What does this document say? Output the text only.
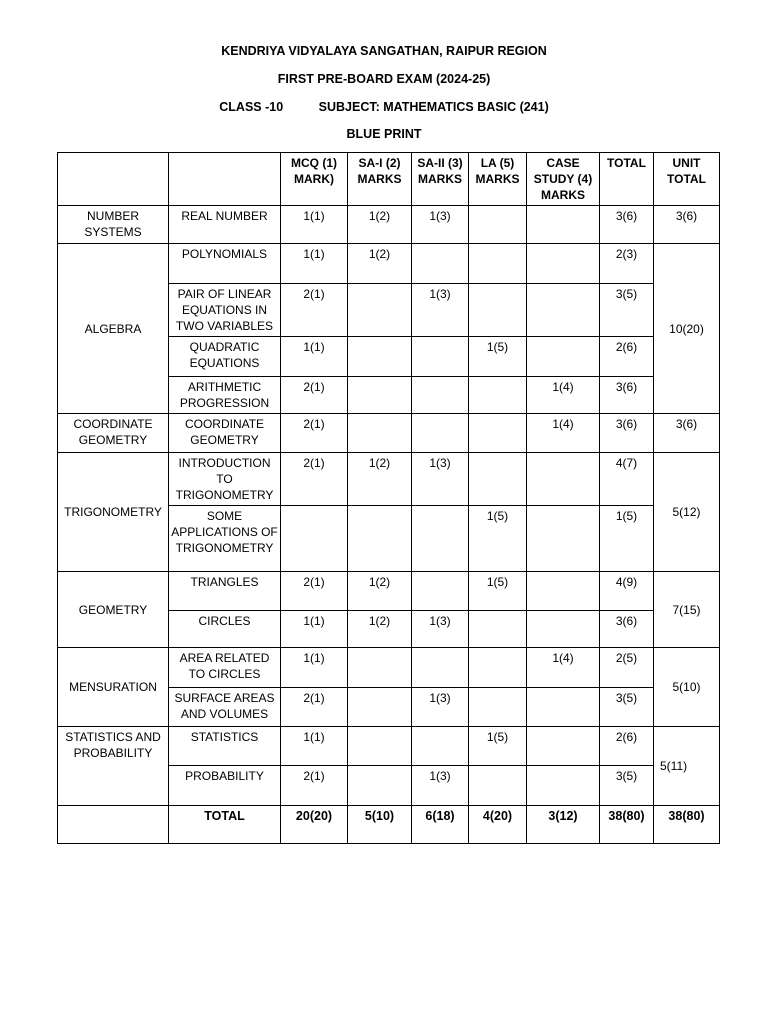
KENDRIYA VIDYALAYA SANGATHAN, RAIPUR REGION
FIRST PRE-BOARD EXAM (2024-25)
CLASS -10	SUBJECT: MATHEMATICS BASIC (241)
BLUE PRINT
		MCQ (1) MARK)	SA-I (2) MARKS	SA-II (3) MARKS	LA (5) MARKS	CASE STUDY (4) MARKS	TOTAL	UNIT TOTAL
NUMBER SYSTEMS	REAL NUMBER	1(1)	1(2)	1(3)			3(6)	3(6)
ALGEBRA	POLYNOMIALS	1(1)	1(2)				2(3)	10(20)
	PAIR OF LINEAR EQUATIONS IN TWO VARIABLES	2(1)		1(3)			3(5)	
	QUADRATIC EQUATIONS	1(1)			1(5)		2(6)	
	ARITHMETIC PROGRESSION	2(1)				1(4)	3(6)	
COORDINATE GEOMETRY	COORDINATE GEOMETRY	2(1)				1(4)	3(6)	3(6)
TRIGONOMETRY	INTRODUCTION TO TRIGONOMETRY	2(1)	1(2)	1(3)			4(7)	5(12)
	SOME APPLICATIONS OF TRIGONOMETRY				1(5)		1(5)	
GEOMETRY	TRIANGLES	2(1)	1(2)		1(5)		4(9)	7(15)
	CIRCLES	1(1)	1(2)	1(3)			3(6)	
MENSURATION	AREA RELATED TO CIRCLES	1(1)				1(4)	2(5)	5(10)
	SURFACE AREAS AND VOLUMES	2(1)		1(3)			3(5)	
STATISTICS AND PROBABILITY	STATISTICS	1(1)			1(5)		2(6)	5(11)
	PROBABILITY	2(1)		1(3)			3(5)	
	TOTAL	20(20)	5(10)	6(18)	4(20)	3(12)	38(80)	38(80)
